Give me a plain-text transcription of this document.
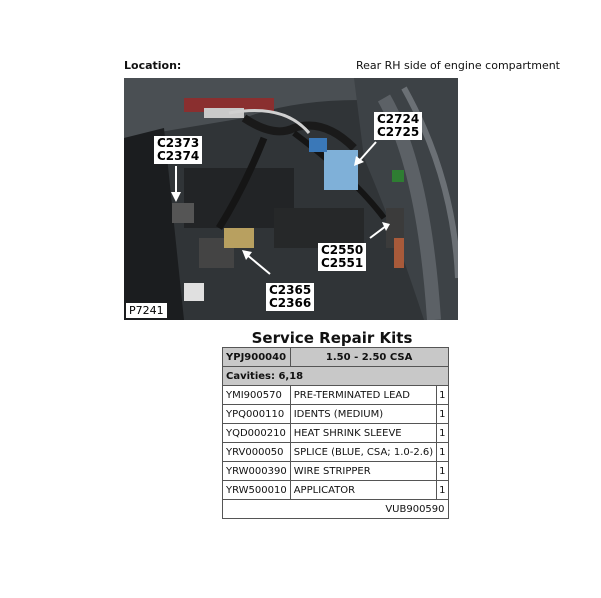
Location:	Rear RH side of engine compartment
C2373
C2374
C2724
C2725
C2550
C2551
C2365
C2366
P7241
Service Repair Kits
YPJ900040	1.50 - 2.50 CSA	
Cavities: 6,18		
YMI900570	PRE-TERMINATED LEAD	1
YPQ000110	IDENTS (MEDIUM)	1
YQD000210	HEAT SHRINK SLEEVE	1
YRV000050	SPLICE (BLUE, CSA; 1.0-2.6)	1
YRW000390	WIRE STRIPPER	1
YRW500010	APPLICATOR	1
VUB900590		
